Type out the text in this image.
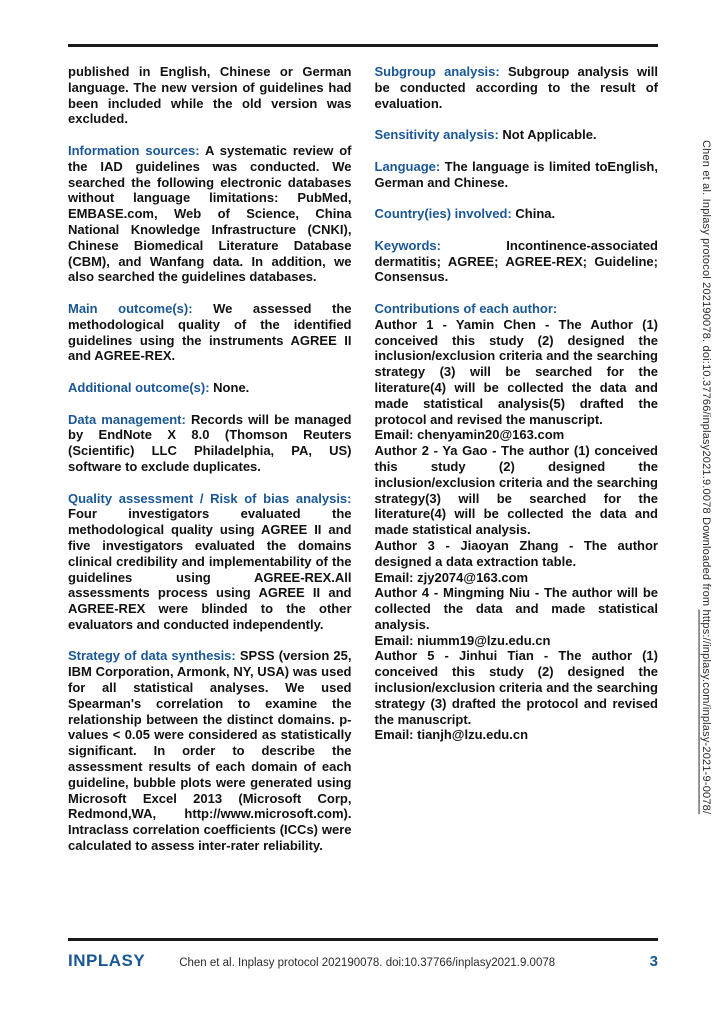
published in English, Chinese or German language. The new version of guidelines had been included while the old version was excluded.

Information sources: A systematic review of the IAD guidelines was conducted. We searched the following electronic databases without language limitations: PubMed, EMBASE.com, Web of Science, China National Knowledge Infrastructure (CNKI), Chinese Biomedical Literature Database (CBM), and Wanfang data. In addition, we also searched the guidelines databases.

Main outcome(s): We assessed the methodological quality of the identified guidelines using the instruments AGREE II and AGREE-REX.

Additional outcome(s): None.

Data management: Records will be managed by EndNote X 8.0 (Thomson Reuters (Scientific) LLC Philadelphia, PA, US) software to exclude duplicates.

Quality assessment / Risk of bias analysis: Four investigators evaluated the methodological quality using AGREE II and five investigators evaluated the domains clinical credibility and implementability of the guidelines using AGREE-REX.All assessments process using AGREE II and AGREE-REX were blinded to the other evaluators and conducted independently.

Strategy of data synthesis: SPSS (version 25, IBM Corporation, Armonk, NY, USA) was used for all statistical analyses. We used Spearman's correlation to examine the relationship between the distinct domains. p-values < 0.05 were considered as statistically significant. In order to describe the assessment results of each domain of each guideline, bubble plots were generated using Microsoft Excel 2013 (Microsoft Corp, Redmond,WA, http://www.microsoft.com). Intraclass correlation coefficients (ICCs) were calculated to assess inter-rater reliability.

Subgroup analysis: Subgroup analysis will be conducted according to the result of evaluation.

Sensitivity analysis: Not Applicable.

Language: The language is limited toEnglish, German and Chinese.

Country(ies) involved: China.

Keywords:	Incontinence-associated dermatitis; AGREE; AGREE-REX; Guideline; Consensus.

Contributions of each author:

Author 1 - Yamin Chen - The Author (1) conceived this study (2) designed the inclusion/exclusion criteria and the searching strategy (3) will be searched for the literature(4) will be collected the data and made statistical analysis(5) drafted the protocol and revised the manuscript.

Email: chenyamin20@163.com

Author 2 - Ya Gao - The author (1) conceived this study (2) designed the inclusion/exclusion criteria and the searching strategy(3) will be searched for the literature(4) will be collected the data and made statistical analysis.

Author 3 - Jiaoyan Zhang - The author designed a data extraction table.

Email: zjy2074@163.com

Author 4 - Mingming Niu - The author will be collected the data and made statistical analysis.

Email: niumm19@lzu.edu.cn

Author 5 - Jinhui Tian - The author (1) conceived this study (2) designed the inclusion/exclusion criteria and the searching strategy (3) drafted the protocol and revised the manuscript.

Email: tianjh@lzu.edu.cn

INPLASY	Chen et al. Inplasy protocol 202190078. doi:10.37766/inplasy2021.9.0078	3
Chen et al. Inplasy protocol 202190078. doi:10.37766/inplasy2021.9.0078 Downloaded from https://inplasy.com/inplasy-2021-9-0078/
